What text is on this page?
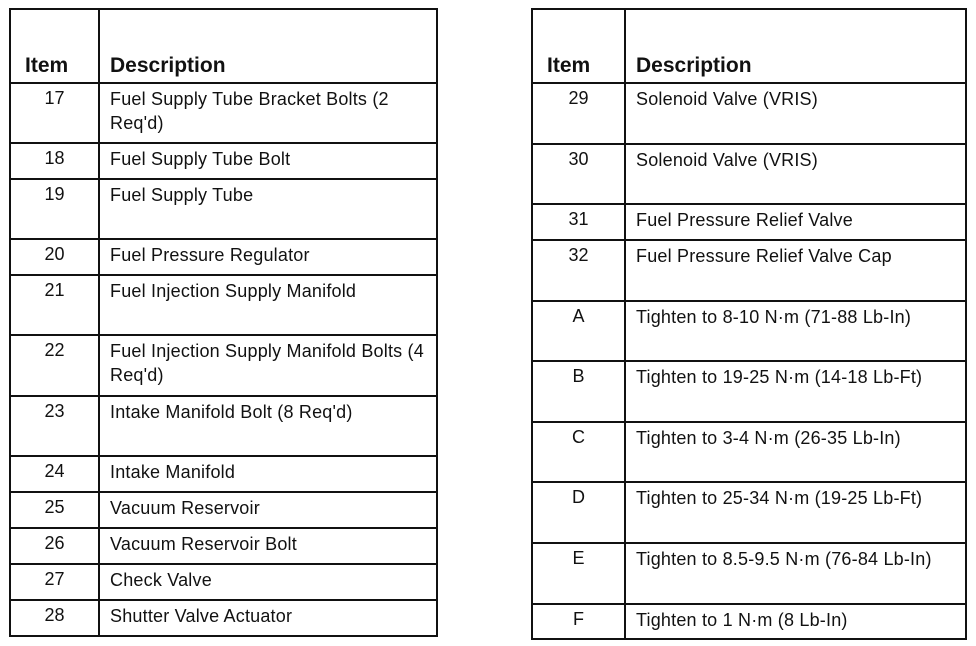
Item	Description

17	Fuel Supply Tube Bracket Bolts (2 Req'd)
18	Fuel Supply Tube Bolt
19	Fuel Supply Tube
20	Fuel Pressure Regulator
21	Fuel Injection Supply Manifold
22	Fuel Injection Supply Manifold Bolts (4 Req'd)
23	Intake Manifold Bolt (8 Req'd)
24	Intake Manifold
25	Vacuum Reservoir
26	Vacuum Reservoir Bolt
27	Check Valve
28	Shutter Valve Actuator
Item	Description

29	Solenoid Valve (VRIS)
30	Solenoid Valve (VRIS)
31	Fuel Pressure Relief Valve
32	Fuel Pressure Relief Valve Cap
A	Tighten to 8-10 N·m (71-88 Lb-In)
B	Tighten to 19-25 N·m (14-18 Lb-Ft)
C	Tighten to 3-4 N·m (26-35 Lb-In)
D	Tighten to 25-34 N·m (19-25 Lb-Ft)
E	Tighten to 8.5-9.5 N·m (76-84 Lb-In)
F	Tighten to 1 N·m (8 Lb-In)
